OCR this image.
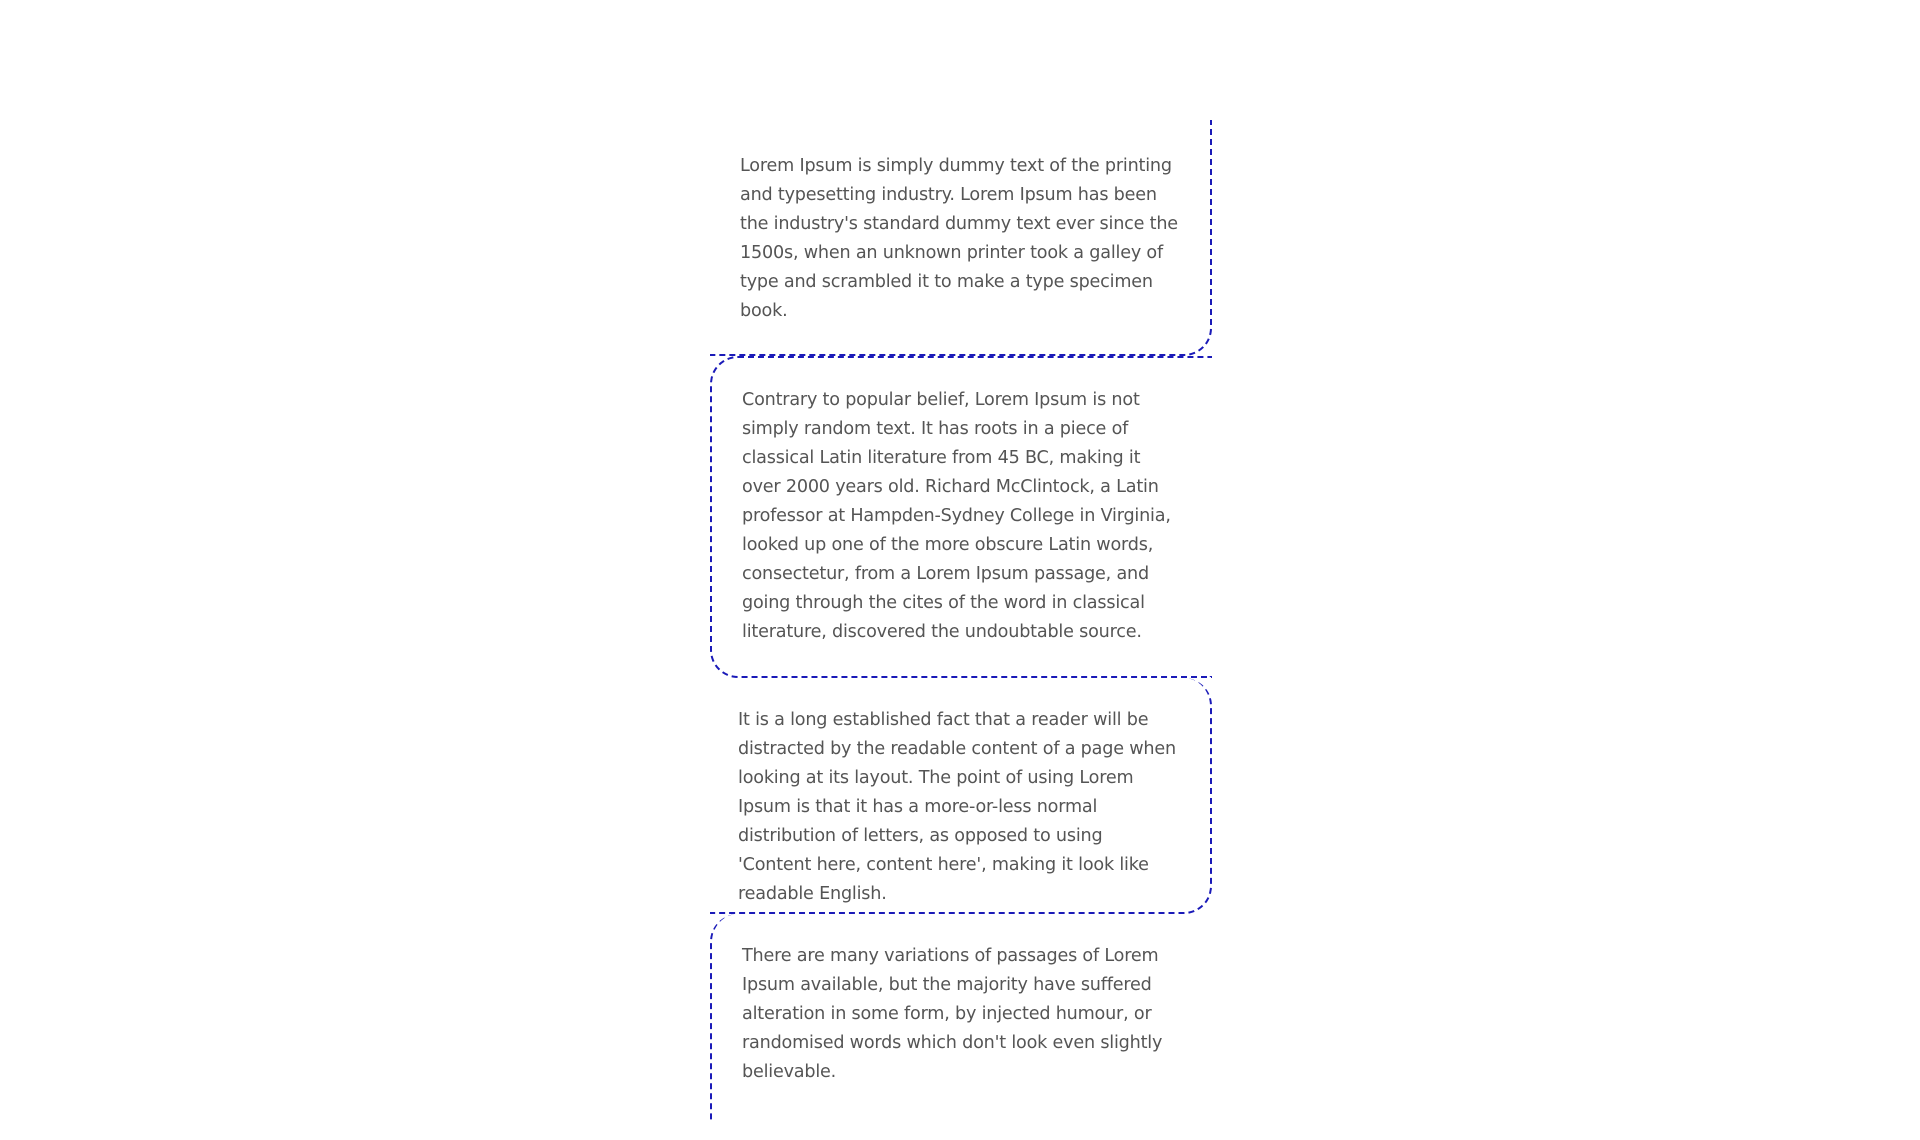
Lorem Ipsum is simply dummy text of the printing and typesetting industry. Lorem Ipsum has been the industry's standard dummy text ever since the 1500s, when an unknown printer took a galley of type and scrambled it to make a type specimen book.

Contrary to popular belief, Lorem Ipsum is not simply random text. It has roots in a piece of classical Latin literature from 45 BC, making it over 2000 years old. Richard McClintock, a Latin professor at Hampden-Sydney College in Virginia, looked up one of the more obscure Latin words, consectetur, from a Lorem Ipsum passage, and going through the cites of the word in classical literature, discovered the undoubtable source.

It is a long established fact that a reader will be distracted by the readable content of a page when looking at its layout. The point of using Lorem Ipsum is that it has a more-or-less normal distribution of letters, as opposed to using 'Content here, content here', making it look like readable English.

There are many variations of passages of Lorem Ipsum available, but the majority have suffered alteration in some form, by injected humour, or randomised words which don't look even slightly believable.
